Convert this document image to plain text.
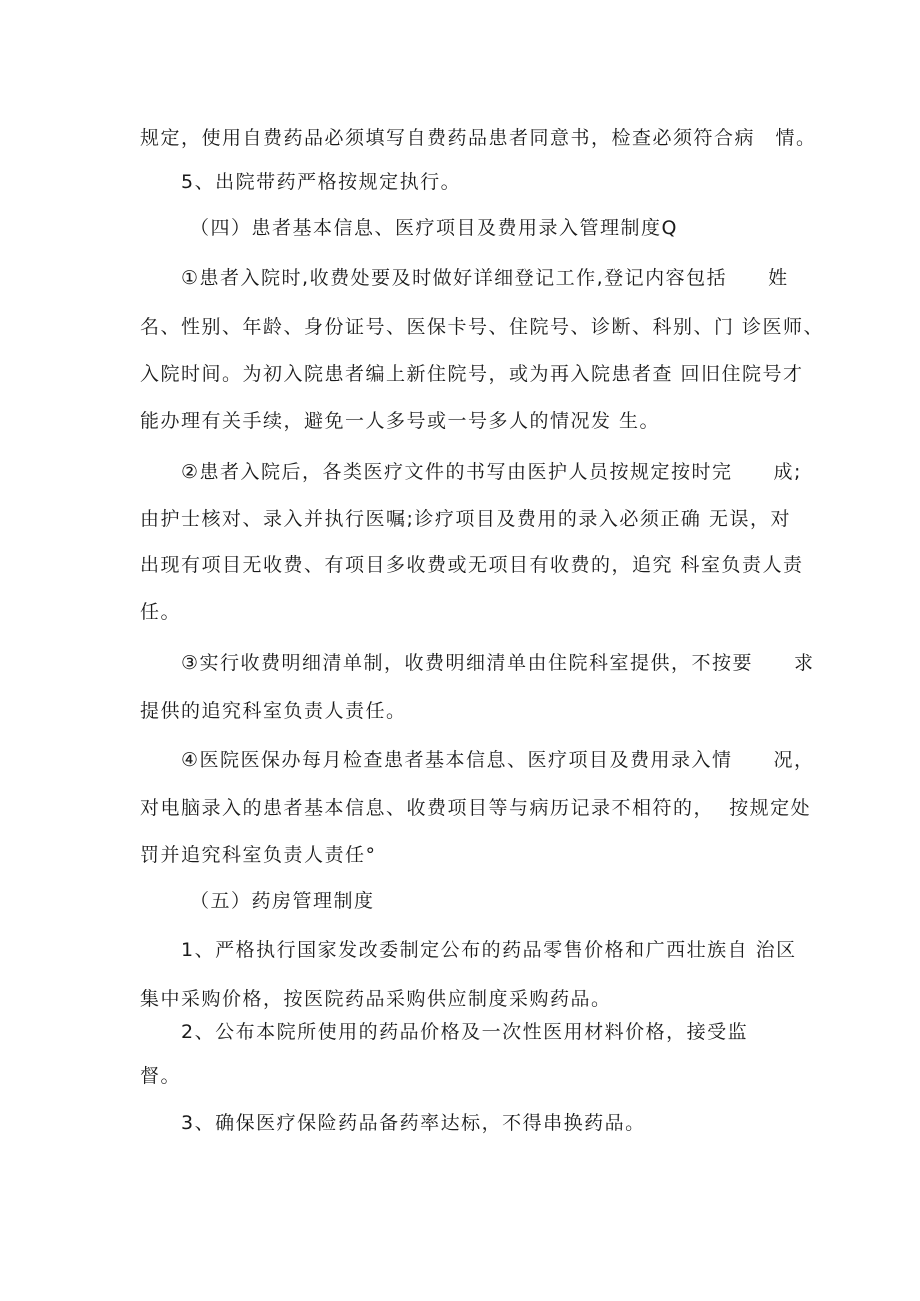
规定，使用自费药品必须填写自费药品患者同意书，检查必须符合病　情。
5、出院带药严格按规定执行。
（四）患者基本信息、医疗项目及费用录入管理制度Q
①患者入院时,收费处要及时做好详细登记工作,登记内容包括　　姓
名、性别、年龄、身份证号、医保卡号、住院号、诊断、科别、门 诊医师、
入院时间。为初入院患者编上新住院号，或为再入院患者查 回旧住院号才
能办理有关手续，避免一人多号或一号多人的情况发 生。
②患者入院后，各类医疗文件的书写由医护人员按规定按时完　　成;
由护士核对、录入并执行医嘱;诊疗项目及费用的录入必须正确 无误，对
出现有项目无收费、有项目多收费或无项目有收费的，追究 科室负责人责
任。
③实行收费明细清单制，收费明细清单由住院科室提供，不按要　　求
提供的追究科室负责人责任。
④医院医保办每月检查患者基本信息、医疗项目及费用录入情　　况，
对电脑录入的患者基本信息、收费项目等与病历记录不相符的，  按规定处
罚并追究科室负责人责任°
（五）药房管理制度
1、严格执行国家发改委制定公布的药品零售价格和广西壮族自 治区
集中采购价格，按医院药品采购供应制度采购药品。
2、公布本院所使用的药品价格及一次性医用材料价格，接受监
督。
3、确保医疗保险药品备药率达标，不得串换药品。
